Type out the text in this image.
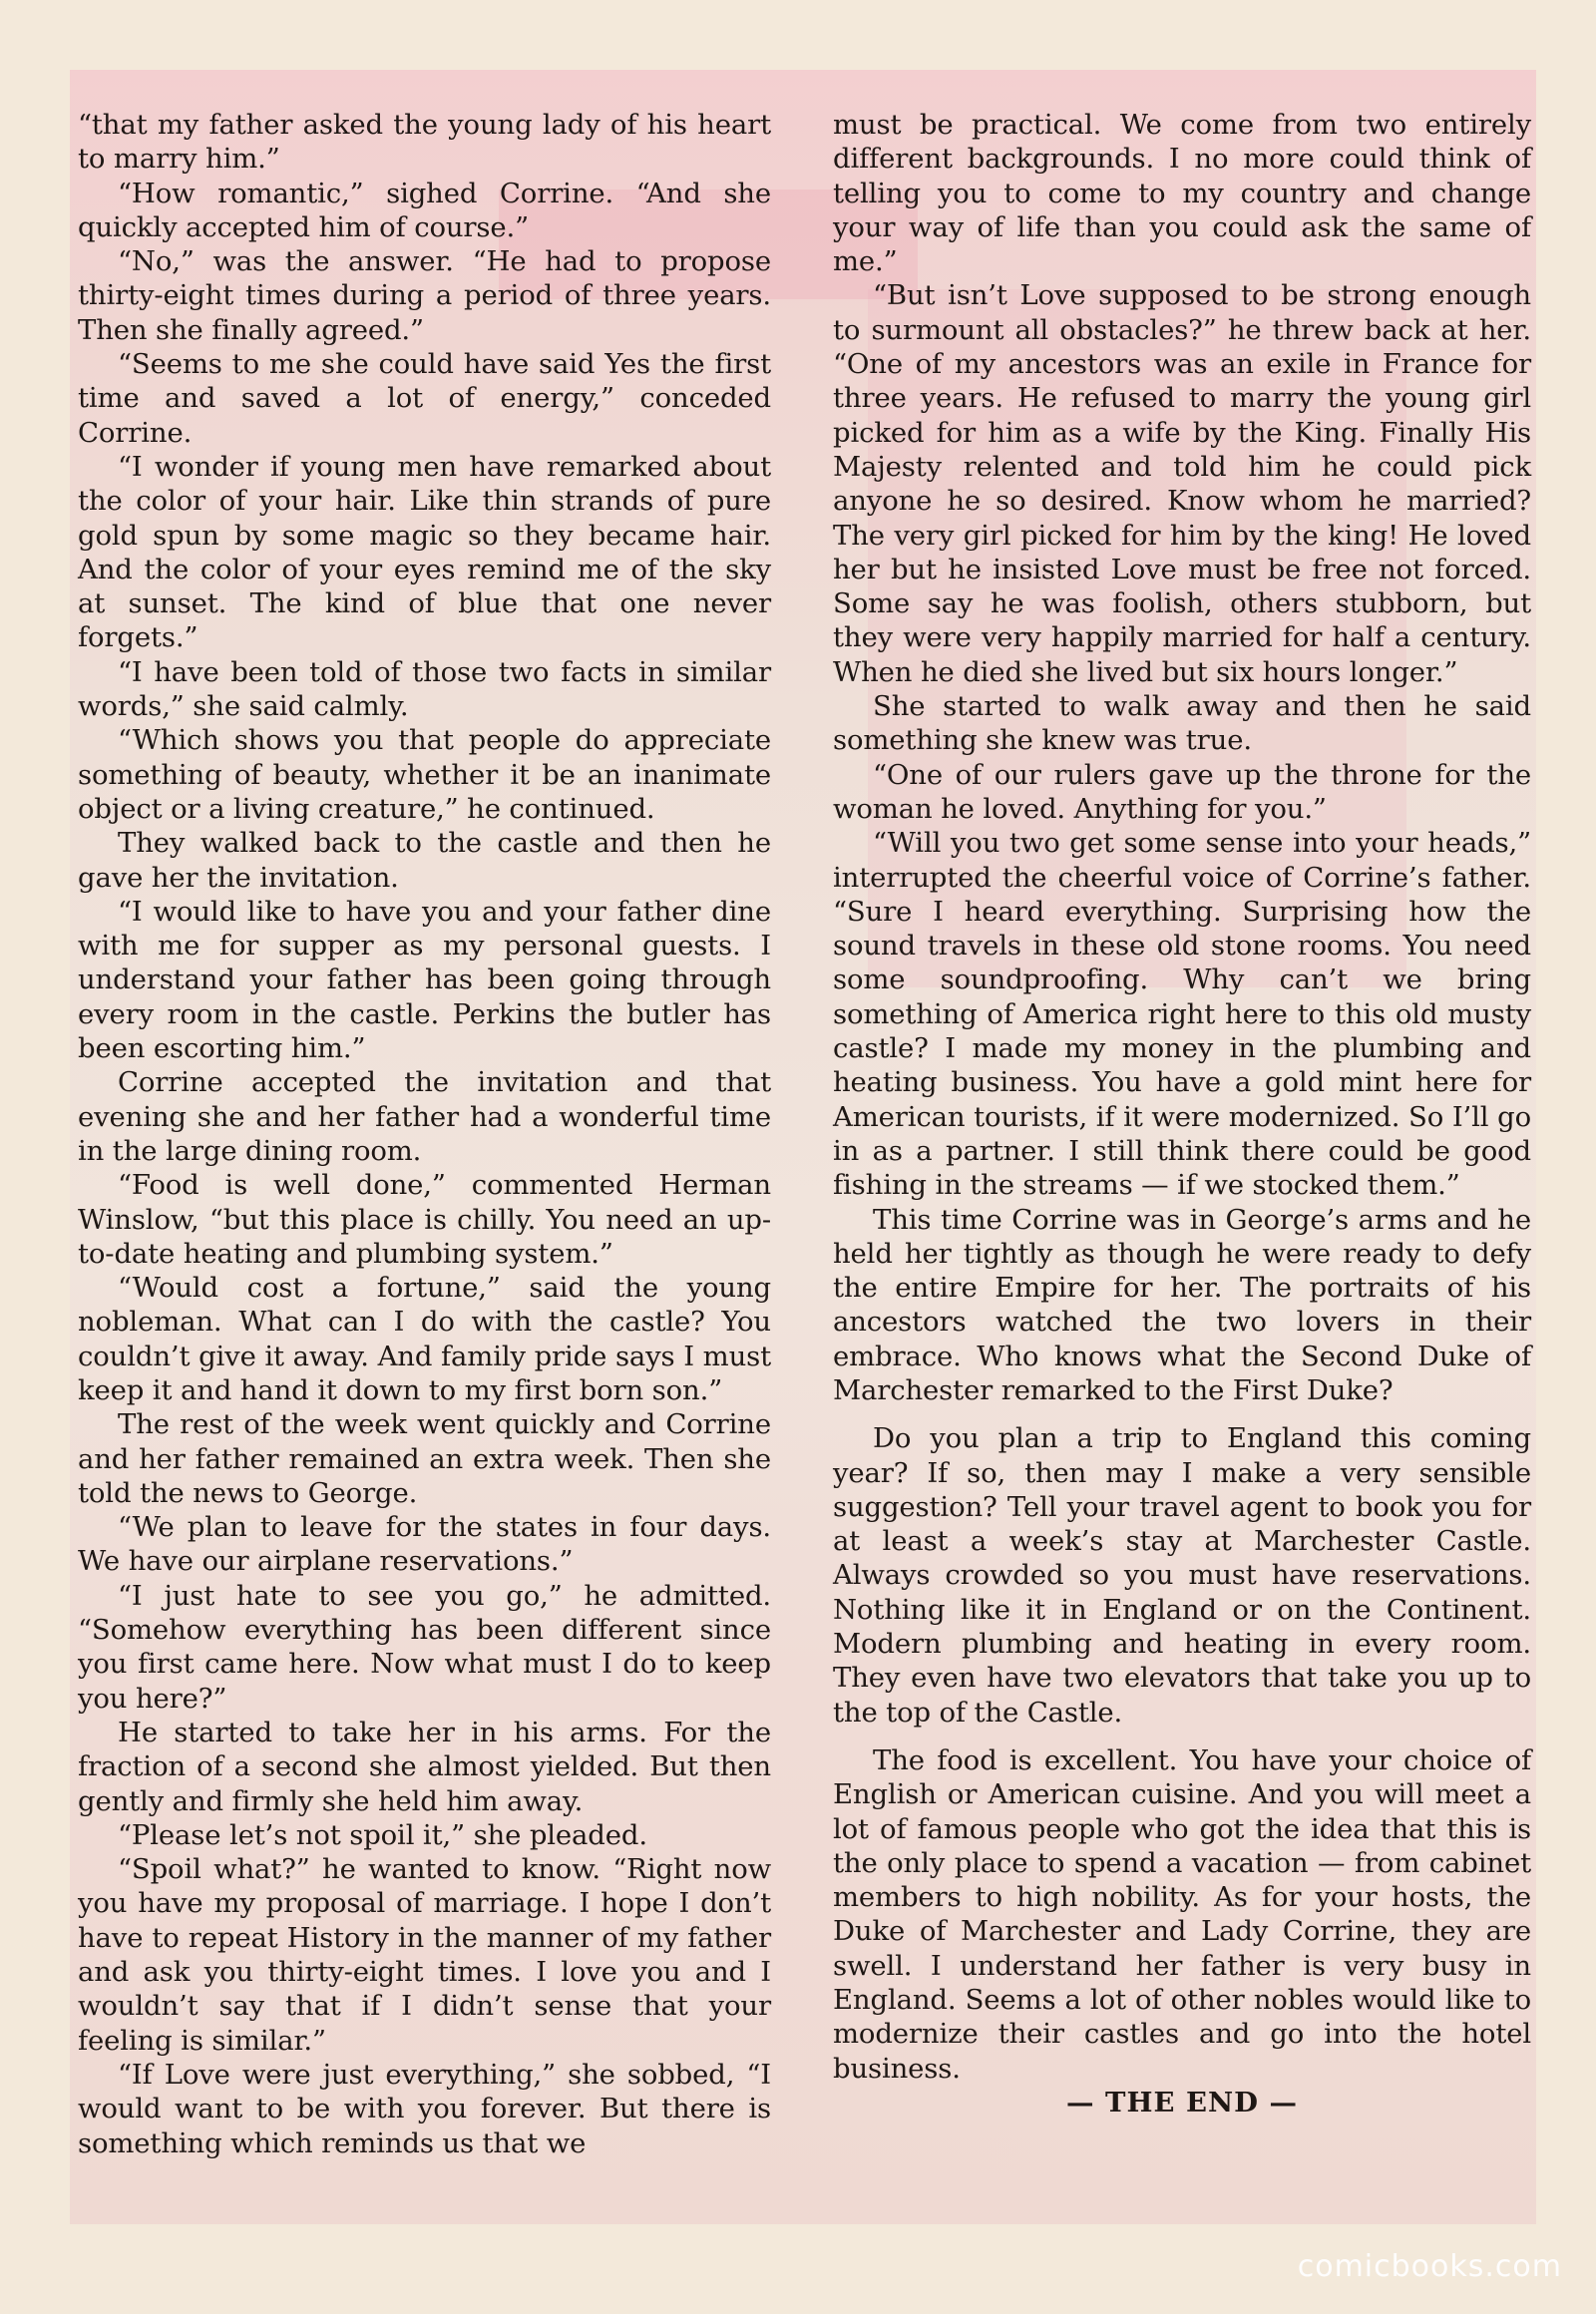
“that my father asked the young lady of his heart to marry him.”

“How romantic,” sighed Corrine. “And she quickly accepted him of course.”

“No,” was the answer. “He had to propose thirty-eight times during a period of three years. Then she finally agreed.”

“Seems to me she could have said Yes the first time and saved a lot of energy,” conceded Corrine.

“I wonder if young men have remarked about the color of your hair. Like thin strands of pure gold spun by some magic so they became hair. And the color of your eyes remind me of the sky at sunset. The kind of blue that one never forgets.”

“I have been told of those two facts in similar words,” she said calmly.

“Which shows you that people do appreciate something of beauty, whether it be an inanimate object or a living creature,” he continued.

They walked back to the castle and then he gave her the invitation.

“I would like to have you and your father dine with me for supper as my personal guests. I understand your father has been going through every room in the castle. Perkins the butler has been escorting him.”

Corrine accepted the invitation and that evening she and her father had a wonderful time in the large dining room.

“Food is well done,” commented Herman Winslow, “but this place is chilly. You need an up-to-date heating and plumbing system.”

“Would cost a fortune,” said the young nobleman. What can I do with the castle? You couldn’t give it away. And family pride says I must keep it and hand it down to my first born son.”

The rest of the week went quickly and Corrine and her father remained an extra week. Then she told the news to George.

“We plan to leave for the states in four days. We have our airplane reservations.”

“I just hate to see you go,” he admitted. “Somehow everything has been different since you first came here. Now what must I do to keep you here?”

He started to take her in his arms. For the fraction of a second she almost yielded. But then gently and firmly she held him away.

“Please let’s not spoil it,” she pleaded.

“Spoil what?” he wanted to know. “Right now you have my proposal of marriage. I hope I don’t have to repeat History in the manner of my father and ask you thirty-eight times. I love you and I wouldn’t say that if I didn’t sense that your feeling is similar.”

“If Love were just everything,” she sobbed, “I would want to be with you forever. But there is something which reminds us that we

must be practical. We come from two entirely different backgrounds. I no more could think of telling you to come to my country and change your way of life than you could ask the same of me.”

“But isn’t Love supposed to be strong enough to surmount all obstacles?” he threw back at her. “One of my ancestors was an exile in France for three years. He refused to marry the young girl picked for him as a wife by the King. Finally His Majesty relented and told him he could pick anyone he so desired. Know whom he married? The very girl picked for him by the king! He loved her but he insisted Love must be free not forced. Some say he was foolish, others stubborn, but they were very happily married for half a century. When he died she lived but six hours longer.”

She started to walk away and then he said something she knew was true.

“One of our rulers gave up the throne for the woman he loved. Anything for you.”

“Will you two get some sense into your heads,” interrupted the cheerful voice of Corrine’s father. “Sure I heard everything. Surprising how the sound travels in these old stone rooms. You need some soundproofing. Why can’t we bring something of America right here to this old musty castle? I made my money in the plumbing and heating business. You have a gold mint here for American tourists, if it were modernized. So I’ll go in as a partner. I still think there could be good fishing in the streams — if we stocked them.”

This time Corrine was in George’s arms and he held her tightly as though he were ready to defy the entire Empire for her. The portraits of his ancestors watched the two lovers in their embrace. Who knows what the Second Duke of Marchester remarked to the First Duke?

Do you plan a trip to England this coming year? If so, then may I make a very sensible suggestion? Tell your travel agent to book you for at least a week’s stay at Marchester Castle. Always crowded so you must have reservations. Nothing like it in England or on the Continent. Modern plumbing and heating in every room. They even have two elevators that take you up to the top of the Castle.

The food is excellent. You have your choice of English or American cuisine. And you will meet a lot of famous people who got the idea that this is the only place to spend a vacation — from cabinet members to high nobility. As for your hosts, the Duke of Marchester and Lady Corrine, they are swell. I understand her father is very busy in England. Seems a lot of other nobles would like to modernize their castles and go into the hotel business.

— THE END —

comicbooks.com
